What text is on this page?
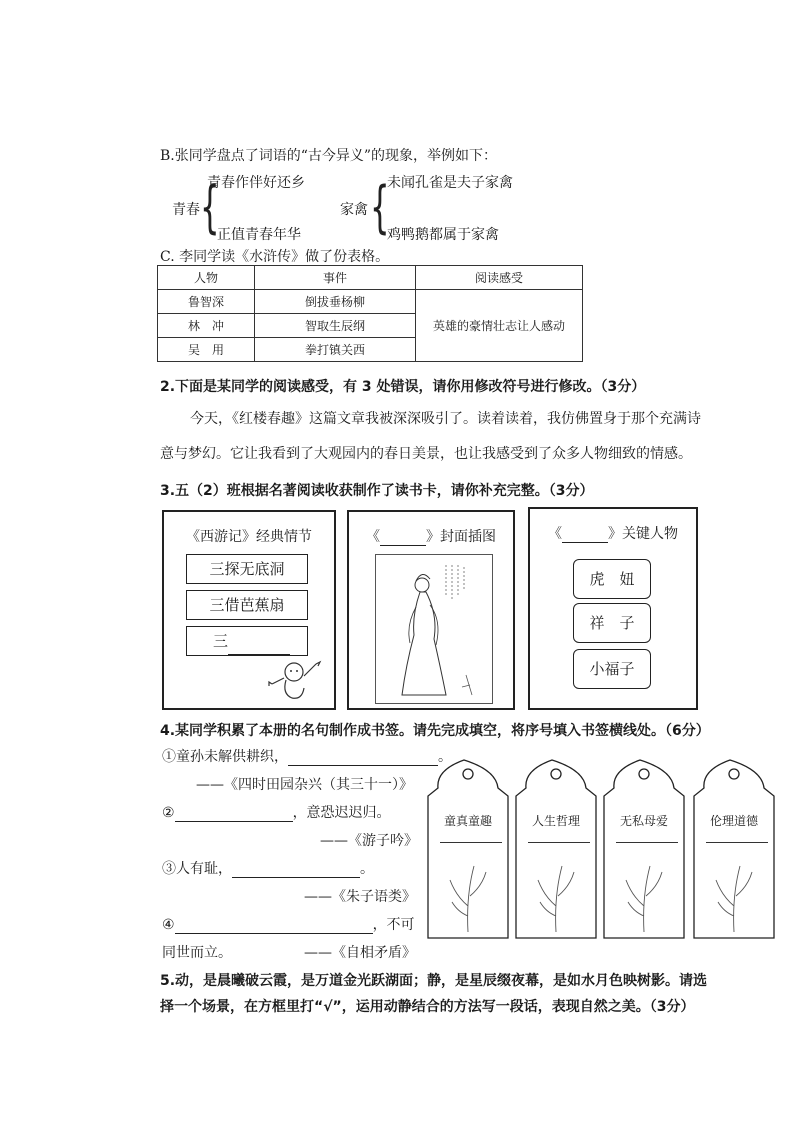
B.张同学盘点了词语的“古今异义”的现象，举例如下：
青春 {
青春作伴好还乡
正值青春年华
家禽 {
未闻孔雀是夫子家禽
鸡鸭鹅都属于家禽
C. 李同学读《水浒传》做了份表格。
人物	事件	阅读感受
鲁智深	倒拔垂杨柳	英雄的豪情壮志让人感动
林　冲	智取生辰纲	
吴　用	拳打镇关西	
2.下面是某同学的阅读感受，有 3 处错误，请你用修改符号进行修改。（3分）
今天，《红楼春趣》这篇文章我被深深吸引了。读着读着，我仿佛置身于那个充满诗
意与梦幻。它让我看到了大观园内的春日美景，也让我感受到了众多人物细致的情感。
3.五（2）班根据名著阅读收获制作了读书卡，请你补充完整。（3分）
《西游记》经典情节
三探无底洞
三借芭蕉扇
三
《	》封面插图	《	》关键人物
虎　妞
祥　子
小福子
4.某同学积累了本册的名句制作成书签。请先完成填空，将序号填入书签横线处。（6分）
①童孙未解供耕织，	。
——《四时田园杂兴（其三十一）》
②	，意恐迟迟归。
——《游子吟》
③人有耻，	。
——《朱子语类》
④	，不可
同世而立。	——《自相矛盾》
童真童趣	人生哲理	无私母爱	伦理道德
5.动，是晨曦破云霞，是万道金光跃湖面；静，是星辰缀夜幕，是如水月色映树影。请选
择一个场景，在方框里打“√”，运用动静结合的方法写一段话，表现自然之美。（3分）
